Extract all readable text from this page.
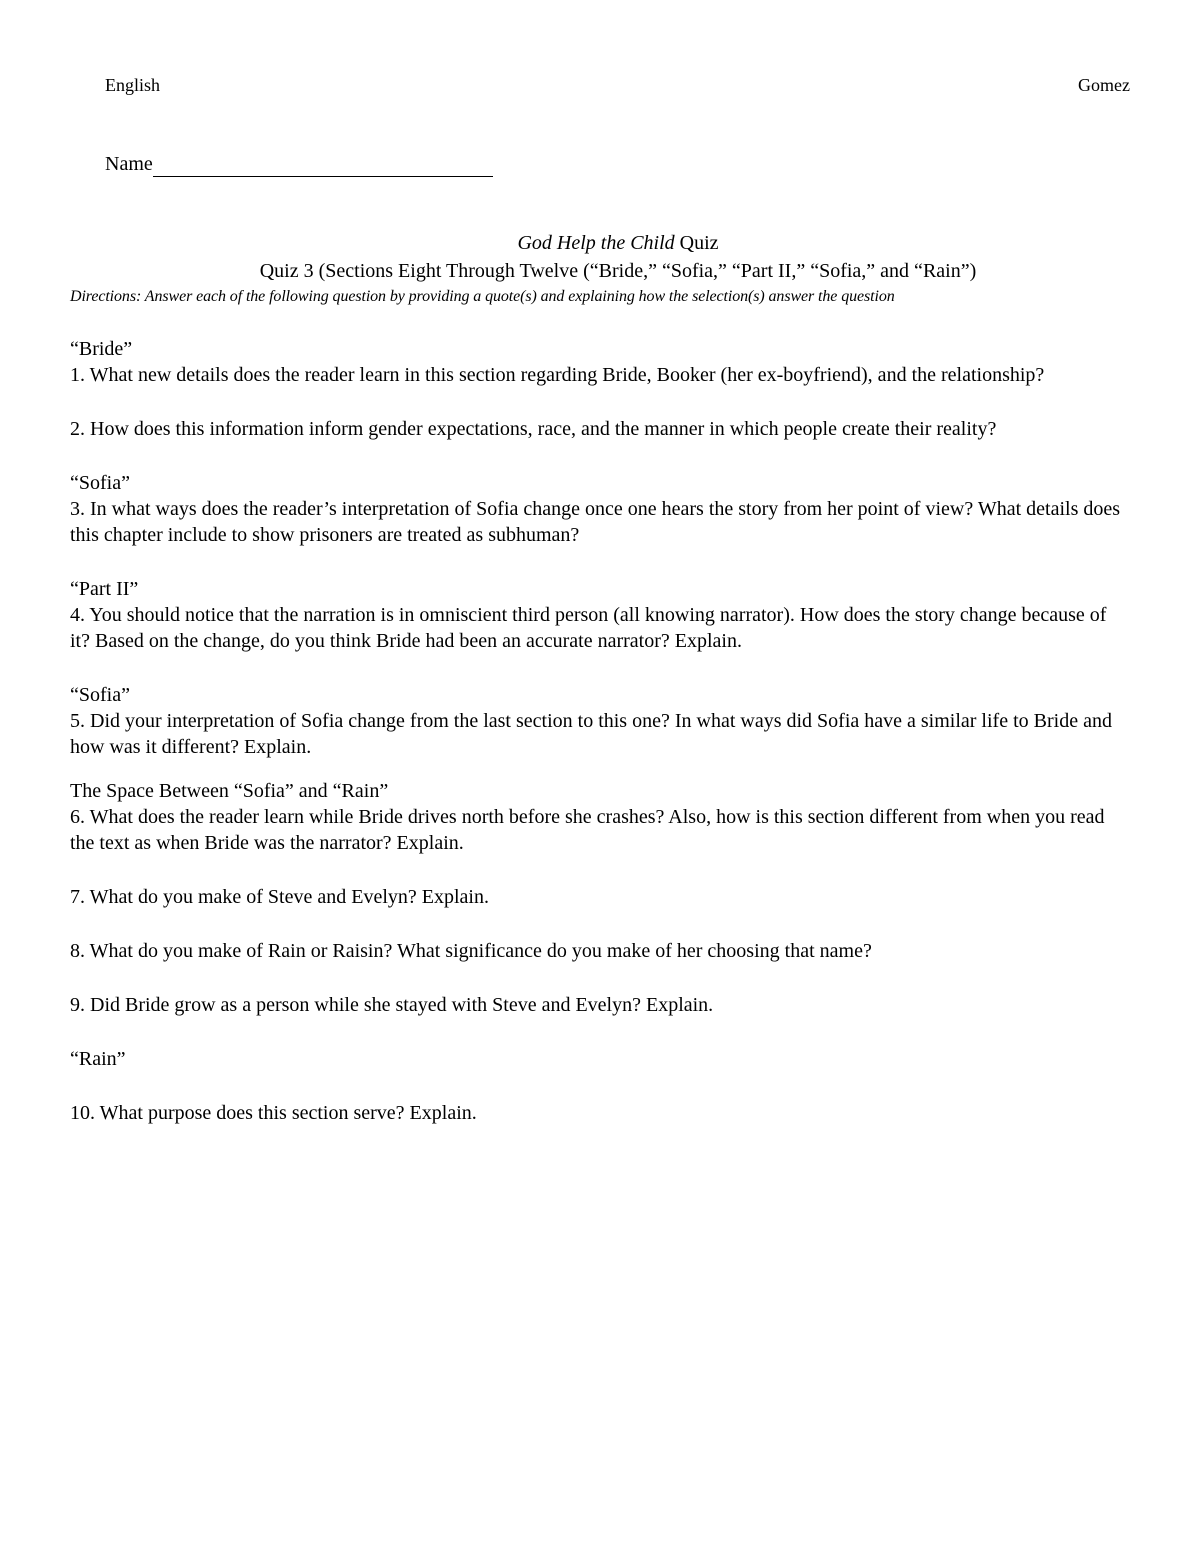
English	Gomez
Name
God Help the Child Quiz
Quiz 3 (Sections Eight Through Twelve (“Bride,” “Sofia,” “Part II,” “Sofia,” and “Rain”)
Directions: Answer each of the following question by providing a quote(s) and explaining how the selection(s) answer the question
“Bride”
1. What new details does the reader learn in this section regarding Bride, Booker (her ex-boyfriend), and the relationship?
2. How does this information inform gender expectations, race, and the manner in which people create their reality?
“Sofia”
3. In what ways does the reader’s interpretation of Sofia change once one hears the story from her point of view? What details does this chapter include to show prisoners are treated as subhuman?
“Part II”
4. You should notice that the narration is in omniscient third person (all knowing narrator). How does the story change because of it? Based on the change, do you think Bride had been an accurate narrator? Explain.
“Sofia”
5. Did your interpretation of Sofia change from the last section to this one? In what ways did Sofia have a similar life to Bride and how was it different? Explain.
The Space Between “Sofia” and “Rain”
6. What does the reader learn while Bride drives north before she crashes? Also, how is this section different from when you read the text as when Bride was the narrator? Explain.
7. What do you make of Steve and Evelyn? Explain.
8. What do you make of Rain or Raisin? What significance do you make of her choosing that name?
9. Did Bride grow as a person while she stayed with Steve and Evelyn? Explain.
“Rain”
10. What purpose does this section serve? Explain.
